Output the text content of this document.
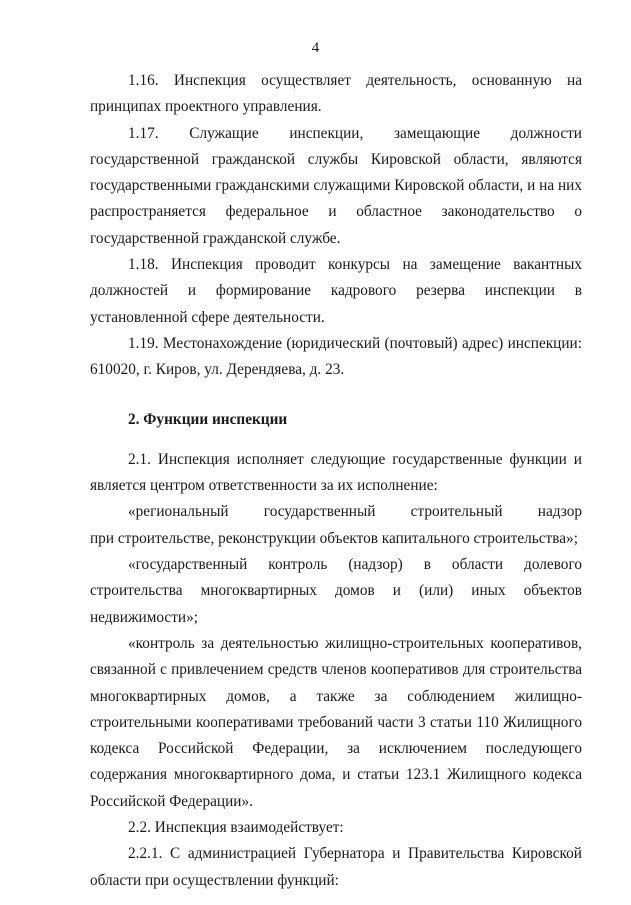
4

1.16. Инспекция осуществляет деятельность, основанную на принципах проектного управления.

1.17. Служащие инспекции, замещающие должности государственной гражданской службы Кировской области, являются государственными гражданскими служащими Кировской области, и на них распространяется федеральное и областное законодательство о государственной гражданской службе.

1.18. Инспекция проводит конкурсы на замещение вакантных должностей и формирование кадрового резерва инспекции в установленной сфере деятельности.

1.19. Местонахождение (юридический (почтовый) адрес) инспекции: 610020, г. Киров, ул. Дерендяева, д. 23.

2. Функции инспекции

2.1. Инспекция исполняет следующие государственные функции и является центром ответственности за их исполнение:

«региональный государственный строительный надзор

при строительстве, реконструкции объектов капитального строительства»;

«государственный контроль (надзор) в области долевого строительства многоквартирных домов и (или) иных объектов недвижимости»;

«контроль за деятельностью жилищно-строительных кооперативов, связанной с привлечением средств членов кооперативов для строительства многоквартирных домов, а также за соблюдением жилищно-строительными кооперативами требований части 3 статьи 110 Жилищного кодекса Российской Федерации, за исключением последующего содержания многоквартирного дома, и статьи 123.1 Жилищного кодекса Российской Федерации».

2.2. Инспекция взаимодействует:

2.2.1. С администрацией Губернатора и Правительства Кировской области при осуществлении функций:
